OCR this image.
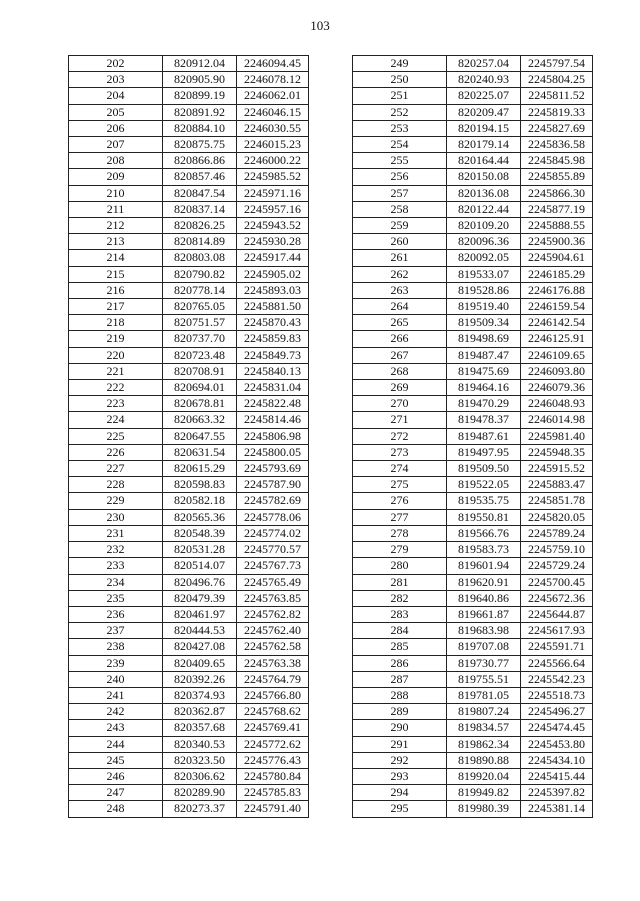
103
202	820912.04	2246094.45
203	820905.90	2246078.12
204	820899.19	2246062.01
205	820891.92	2246046.15
206	820884.10	2246030.55
207	820875.75	2246015.23
208	820866.86	2246000.22
209	820857.46	2245985.52
210	820847.54	2245971.16
211	820837.14	2245957.16
212	820826.25	2245943.52
213	820814.89	2245930.28
214	820803.08	2245917.44
215	820790.82	2245905.02
216	820778.14	2245893.03
217	820765.05	2245881.50
218	820751.57	2245870.43
219	820737.70	2245859.83
220	820723.48	2245849.73
221	820708.91	2245840.13
222	820694.01	2245831.04
223	820678.81	2245822.48
224	820663.32	2245814.46
225	820647.55	2245806.98
226	820631.54	2245800.05
227	820615.29	2245793.69
228	820598.83	2245787.90
229	820582.18	2245782.69
230	820565.36	2245778.06
231	820548.39	2245774.02
232	820531.28	2245770.57
233	820514.07	2245767.73
234	820496.76	2245765.49
235	820479.39	2245763.85
236	820461.97	2245762.82
237	820444.53	2245762.40
238	820427.08	2245762.58
239	820409.65	2245763.38
240	820392.26	2245764.79
241	820374.93	2245766.80
242	820362.87	2245768.62
243	820357.68	2245769.41
244	820340.53	2245772.62
245	820323.50	2245776.43
246	820306.62	2245780.84
247	820289.90	2245785.83
248	820273.37	2245791.40
249	820257.04	2245797.54
250	820240.93	2245804.25
251	820225.07	2245811.52
252	820209.47	2245819.33
253	820194.15	2245827.69
254	820179.14	2245836.58
255	820164.44	2245845.98
256	820150.08	2245855.89
257	820136.08	2245866.30
258	820122.44	2245877.19
259	820109.20	2245888.55
260	820096.36	2245900.36
261	820092.05	2245904.61
262	819533.07	2246185.29
263	819528.86	2246176.88
264	819519.40	2246159.54
265	819509.34	2246142.54
266	819498.69	2246125.91
267	819487.47	2246109.65
268	819475.69	2246093.80
269	819464.16	2246079.36
270	819470.29	2246048.93
271	819478.37	2246014.98
272	819487.61	2245981.40
273	819497.95	2245948.35
274	819509.50	2245915.52
275	819522.05	2245883.47
276	819535.75	2245851.78
277	819550.81	2245820.05
278	819566.76	2245789.24
279	819583.73	2245759.10
280	819601.94	2245729.24
281	819620.91	2245700.45
282	819640.86	2245672.36
283	819661.87	2245644.87
284	819683.98	2245617.93
285	819707.08	2245591.71
286	819730.77	2245566.64
287	819755.51	2245542.23
288	819781.05	2245518.73
289	819807.24	2245496.27
290	819834.57	2245474.45
291	819862.34	2245453.80
292	819890.88	2245434.10
293	819920.04	2245415.44
294	819949.82	2245397.82
295	819980.39	2245381.14
